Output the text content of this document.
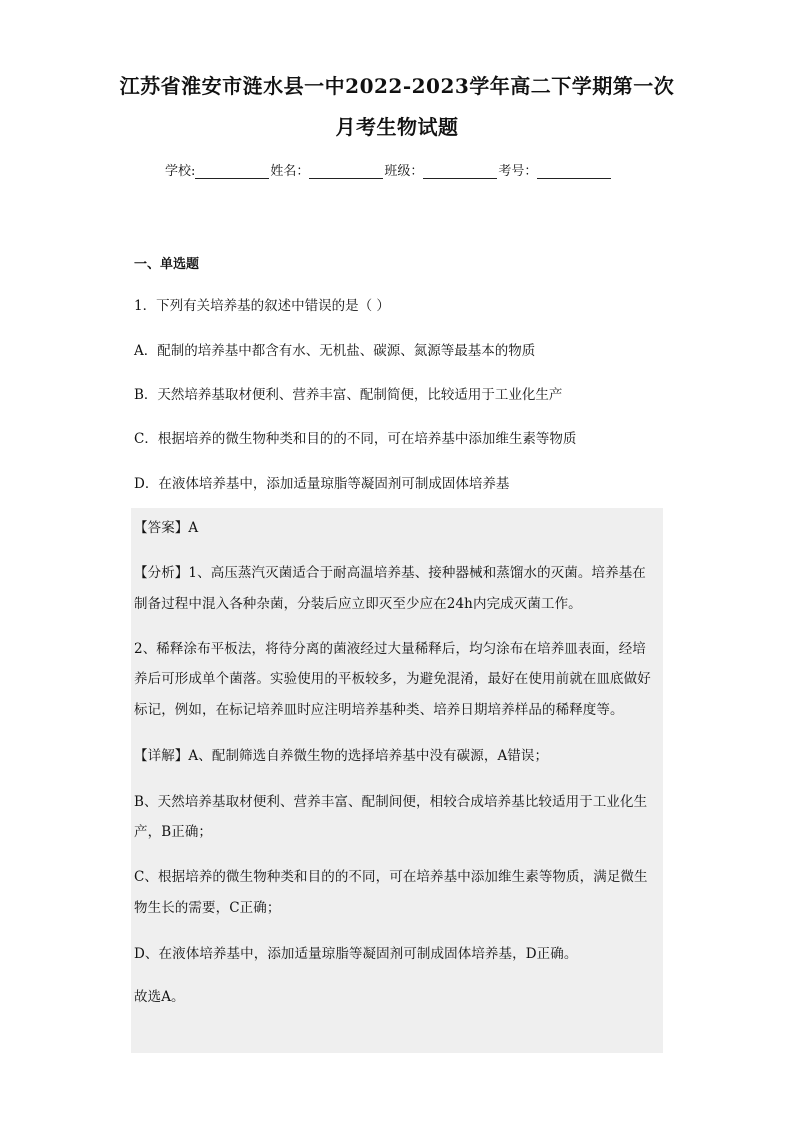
江苏省淮安市涟水县一中2022-2023学年高二下学期第一次
月考生物试题
学校:	姓名：	班级：	考号：
一、单选题
1．下列有关培养基的叙述中错误的是（ ）
A．配制的培养基中都含有水、无机盐、碳源、氮源等最基本的物质
B．天然培养基取材便利、营养丰富、配制简便，比较适用于工业化生产
C．根据培养的微生物种类和目的的不同，可在培养基中添加维生素等物质
D．在液体培养基中，添加适量琼脂等凝固剂可制成固体培养基
【答案】A
【分析】1、高压蒸汽灭菌适合于耐高温培养基、接种器械和蒸馏水的灭菌。培养基在
制备过程中混入各种杂菌，分装后应立即灭至少应在24h内完成灭菌工作。
2、稀释涂布平板法，将待分离的菌液经过大量稀释后，均匀涂布在培养皿表面，经培
养后可形成单个菌落。实验使用的平板较多，为避免混淆，最好在使用前就在皿底做好
标记，例如，在标记培养皿时应注明培养基种类、培养日期培养样品的稀释度等。
【详解】A、配制筛选自养微生物的选择培养基中没有碳源，A错误；
B、天然培养基取材便利、营养丰富、配制间便，相较合成培养基比较适用于工业化生
产，B正确；
C、根据培养的微生物种类和目的的不同，可在培养基中添加维生素等物质，满足微生
物生长的需要，C正确；
D、在液体培养基中，添加适量琼脂等凝固剂可制成固体培养基，D正确。
故选A。
